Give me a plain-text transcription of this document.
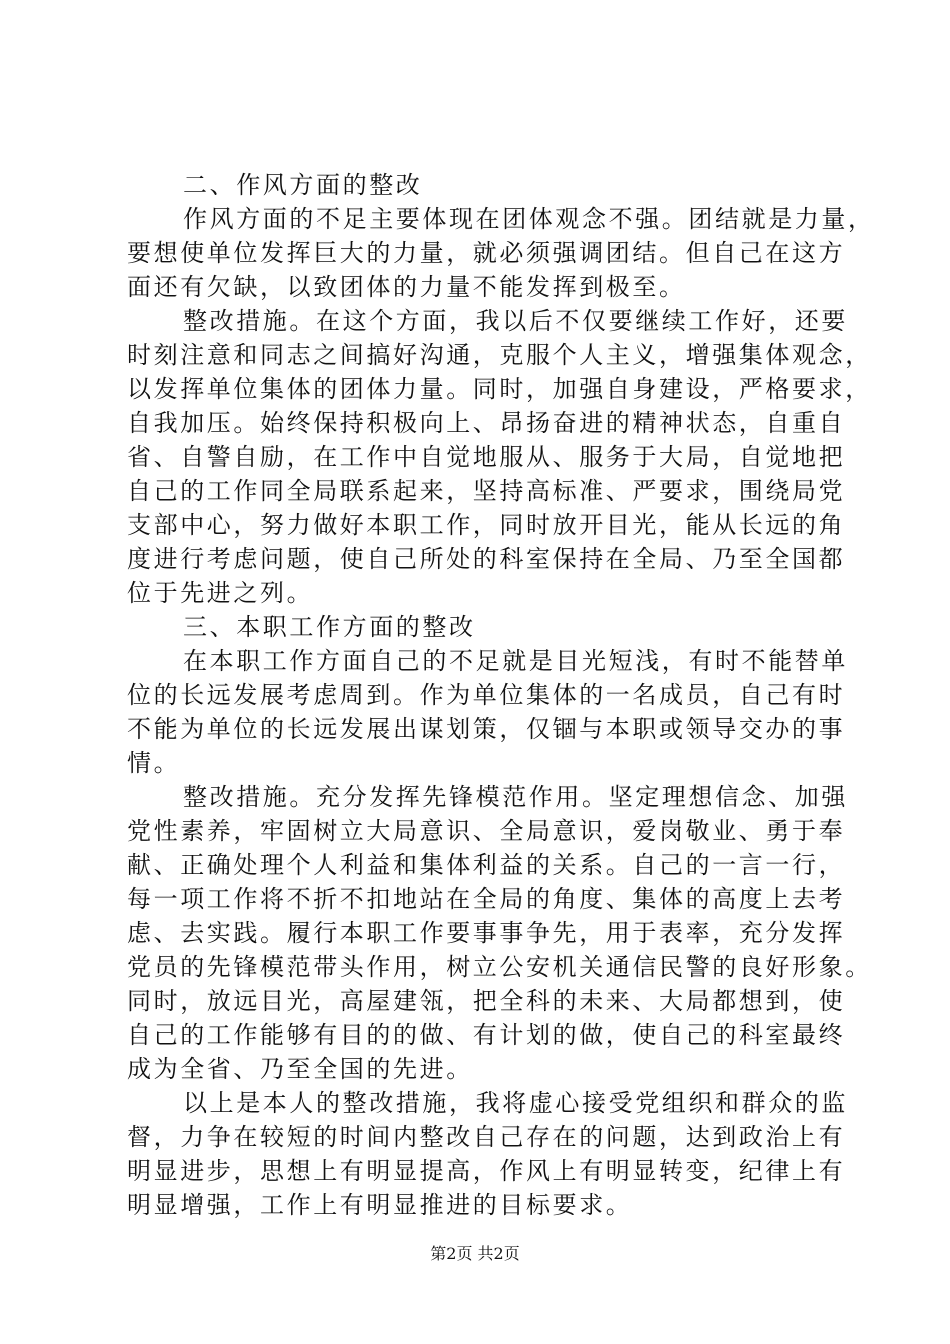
二、作风方面的整改
作风方面的不足主要体现在团体观念不强。团结就是力量，
要想使单位发挥巨大的力量，就必须强调团结。但自己在这方
面还有欠缺，以致团体的力量不能发挥到极至。
整改措施。在这个方面，我以后不仅要继续工作好，还要
时刻注意和同志之间搞好沟通，克服个人主义，增强集体观念，
以发挥单位集体的团体力量。同时，加强自身建设，严格要求，
自我加压。始终保持积极向上、昂扬奋进的精神状态，自重自
省、自警自励，在工作中自觉地服从、服务于大局，自觉地把
自己的工作同全局联系起来，坚持高标准、严要求，围绕局党
支部中心，努力做好本职工作，同时放开目光，能从长远的角
度进行考虑问题，使自己所处的科室保持在全局、乃至全国都
位于先进之列。
三、本职工作方面的整改
在本职工作方面自己的不足就是目光短浅，有时不能替单
位的长远发展考虑周到。作为单位集体的一名成员，自己有时
不能为单位的长远发展出谋划策，仅锢与本职或领导交办的事
情。
整改措施。充分发挥先锋模范作用。坚定理想信念、加强
党性素养，牢固树立大局意识、全局意识，爱岗敬业、勇于奉
献、正确处理个人利益和集体利益的关系。自己的一言一行，
每一项工作将不折不扣地站在全局的角度、集体的高度上去考
虑、去实践。履行本职工作要事事争先，用于表率，充分发挥
党员的先锋模范带头作用，树立公安机关通信民警的良好形象。
同时，放远目光，高屋建瓴，把全科的未来、大局都想到，使
自己的工作能够有目的的做、有计划的做，使自己的科室最终
成为全省、乃至全国的先进。
以上是本人的整改措施，我将虚心接受党组织和群众的监
督，力争在较短的时间内整改自己存在的问题，达到政治上有
明显进步，思想上有明显提高，作风上有明显转变，纪律上有
明显增强，工作上有明显推进的目标要求。
第2页 共2页
